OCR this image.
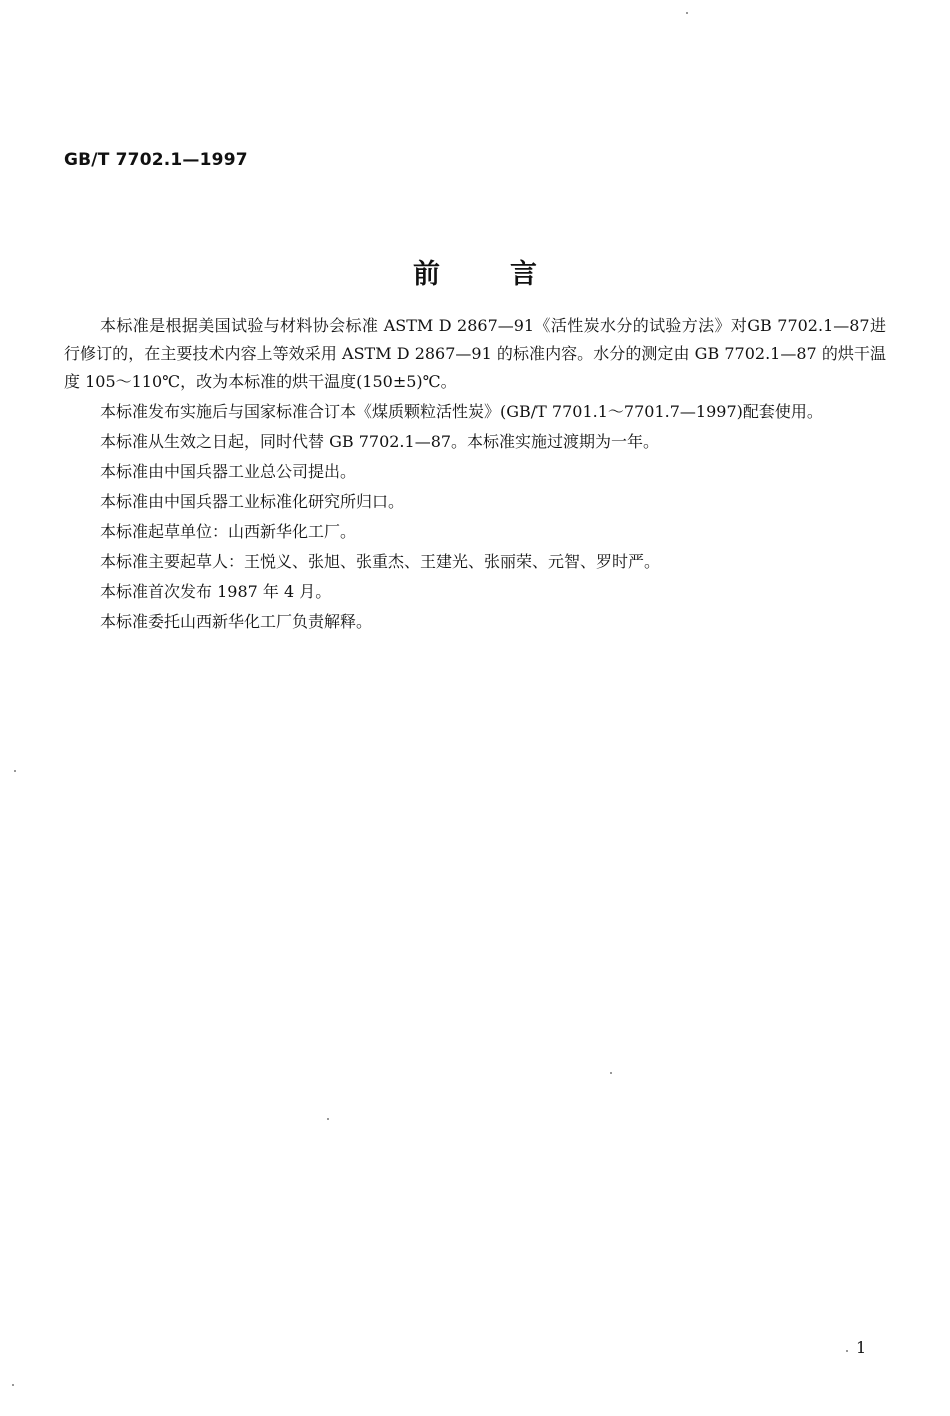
GB/T 7702.1—1997
前言

本标准是根据美国试验与材料协会标准 ASTM D 2867—91《活性炭水分的试验方法》对GB 7702.1—87进行修订的，在主要技术内容上等效采用 ASTM D 2867—91 的标准内容。水分的测定由 GB 7702.1—87 的烘干温度 105～110℃，改为本标准的烘干温度(150±5)℃。

本标准发布实施后与国家标准合订本《煤质颗粒活性炭》(GB/T 7701.1～7701.7—1997)配套使用。

本标准从生效之日起，同时代替 GB 7702.1—87。本标准实施过渡期为一年。

本标准由中国兵器工业总公司提出。

本标准由中国兵器工业标准化研究所归口。

本标准起草单位：山西新华化工厂。

本标准主要起草人：王悦义、张旭、张重杰、王建光、张丽荣、元智、罗时严。

本标准首次发布 1987 年 4 月。

本标准委托山西新华化工厂负责解释。

1
